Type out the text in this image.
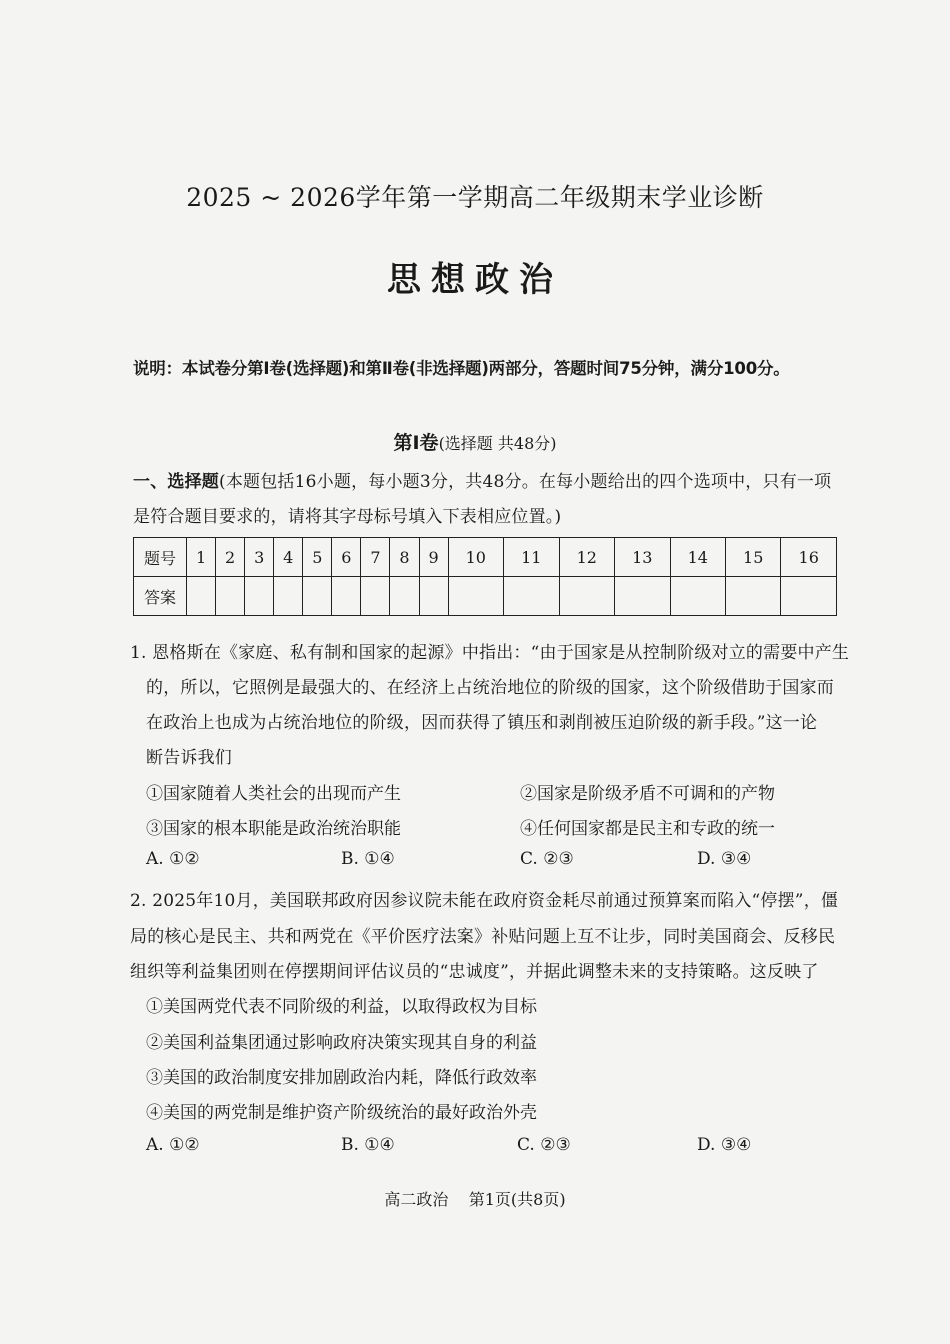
2025 ~ 2026学年第一学期高二年级期末学业诊断
思想政治
说明：本试卷分第Ⅰ卷(选择题)和第Ⅱ卷(非选择题)两部分，答题时间75分钟，满分100分。
第Ⅰ卷(选择题 共48分)
一、选择题(本题包括16小题，每小题3分，共48分。在每小题给出的四个选项中，只有一项
是符合题目要求的，请将其字母标号填入下表相应位置。)
题号	1	2	3	4	5	6	7	8	9	10	11	12	13	14	15	16
答案																
1. 恩格斯在《家庭、私有制和国家的起源》中指出：“由于国家是从控制阶级对立的需要中产生
的，所以，它照例是最强大的、在经济上占统治地位的阶级的国家，这个阶级借助于国家而
在政治上也成为占统治地位的阶级，因而获得了镇压和剥削被压迫阶级的新手段。”这一论
断告诉我们
①国家随着人类社会的出现而产生	②国家是阶级矛盾不可调和的产物
③国家的根本职能是政治统治职能	④任何国家都是民主和专政的统一
A. ①②	B. ①④	C. ②③	D. ③④
2. 2025年10月，美国联邦政府因参议院未能在政府资金耗尽前通过预算案而陷入“停摆”，僵
局的核心是民主、共和两党在《平价医疗法案》补贴问题上互不让步，同时美国商会、反移民
组织等利益集团则在停摆期间评估议员的“忠诚度”，并据此调整未来的支持策略。这反映了
①美国两党代表不同阶级的利益，以取得政权为目标
②美国利益集团通过影响政府决策实现其自身的利益
③美国的政治制度安排加剧政治内耗，降低行政效率
④美国的两党制是维护资产阶级统治的最好政治外壳
A. ①②	B. ①④	C. ②③	D. ③④
高二政治    第1页(共8页)
